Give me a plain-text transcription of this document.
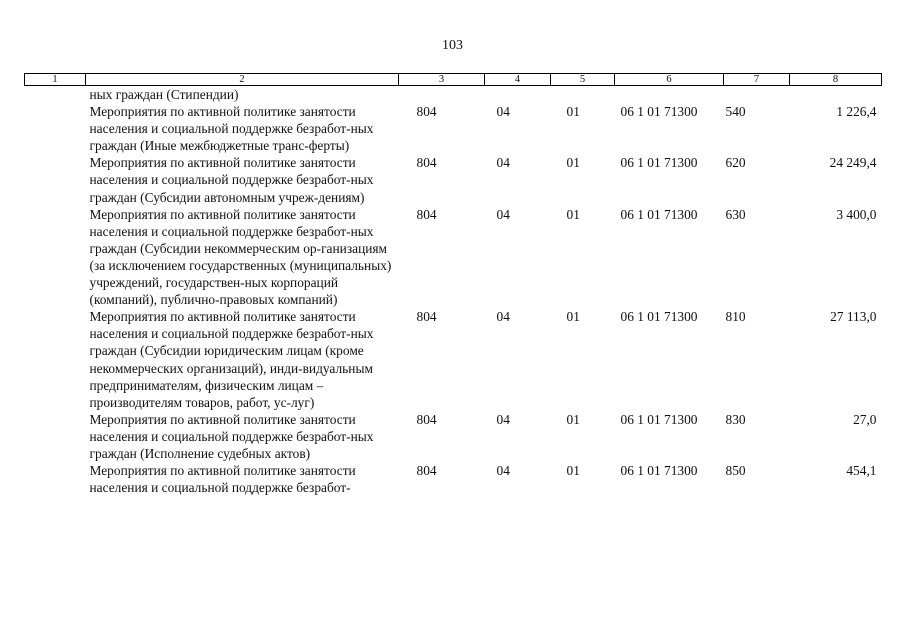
103
1	2	3	4	5	6	7	8
	ных граждан (Стипендии)						
	Мероприятия по активной политике занятости населения и социальной поддержке безработ-ных граждан (Иные межбюджетные транс-ферты)	804	04	01	06 1 01 71300	540	1 226,4
	Мероприятия по активной политике занятости населения и социальной поддержке безработ-ных граждан (Субсидии автономным учреж-дениям)	804	04	01	06 1 01 71300	620	24 249,4
	Мероприятия по активной политике занятости населения и социальной поддержке безработ-ных граждан (Субсидии некоммерческим ор-ганизациям (за исключением государственных (муниципальных) учреждений, государствен-ных корпораций (компаний), публично-правовых компаний)	804	04	01	06 1 01 71300	630	3 400,0
	Мероприятия по активной политике занятости населения и социальной поддержке безработ-ных граждан (Субсидии юридическим лицам (кроме некоммерческих организаций), инди-видуальным предпринимателям, физическим лицам – производителям товаров, работ, ус-луг)	804	04	01	06 1 01 71300	810	27 113,0
	Мероприятия по активной политике занятости населения и социальной поддержке безработ-ных граждан (Исполнение судебных актов)	804	04	01	06 1 01 71300	830	27,0
	Мероприятия по активной политике занятости населения и социальной поддержке безработ-	804	04	01	06 1 01 71300	850	454,1
